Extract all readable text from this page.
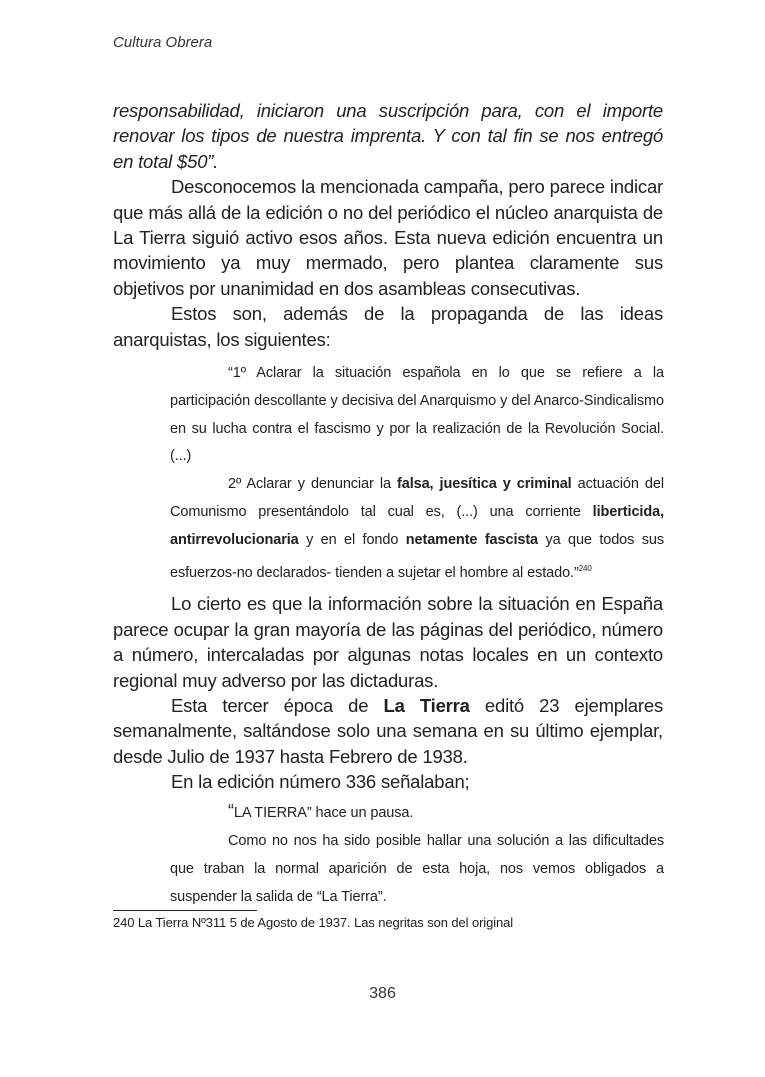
Cultura Obrera

responsabilidad, iniciaron una suscripción para, con el importe renovar los tipos de nuestra imprenta. Y con tal fin se nos entregó en total $50”.

Desconocemos la mencionada campaña, pero parece indicar que más allá de la edición o no del periódico el núcleo anarquista de La Tierra siguió activo esos años. Esta nueva edición encuentra un movimiento ya muy mermado, pero plantea claramente sus objetivos por unanimidad en dos asambleas consecutivas.

Estos son, además de la propaganda de las ideas anarquistas, los siguientes:

“1º Aclarar la situación española en lo que se refiere a la participación descollante y decisiva del Anarquismo y del Anarco-Sindicalismo en su lucha contra el fascismo y por la realización de la Revolución Social. (...)

2º Aclarar y denunciar la falsa, juesítica y criminal actuación del Comunismo presentándolo tal cual es, (...) una corriente liberticida, antirrevolucionaria y en el fondo netamente fascista ya que todos sus esfuerzos-no declarados- tienden a sujetar el hombre al estado.”$^{240}$

Lo cierto es que la información sobre la situación en España parece ocupar la gran mayoría de las páginas del periódico, número a número, intercaladas por algunas notas locales en un contexto regional muy adverso por las dictaduras.

Esta tercer época de La Tierra editó 23 ejemplares semanalmente, saltándose solo una semana en su último ejemplar, desde Julio de 1937 hasta Febrero de 1938.

En la edición número 336 señalaban;

“LA TIERRA” hace un pausa.

Como no nos ha sido posible hallar una solución a las dificultades que traban la normal aparición de esta hoja, nos vemos obligados a suspender la salida de “La Tierra”.

240 La Tierra Nº311 5 de Agosto de 1937. Las negritas son del original
386
